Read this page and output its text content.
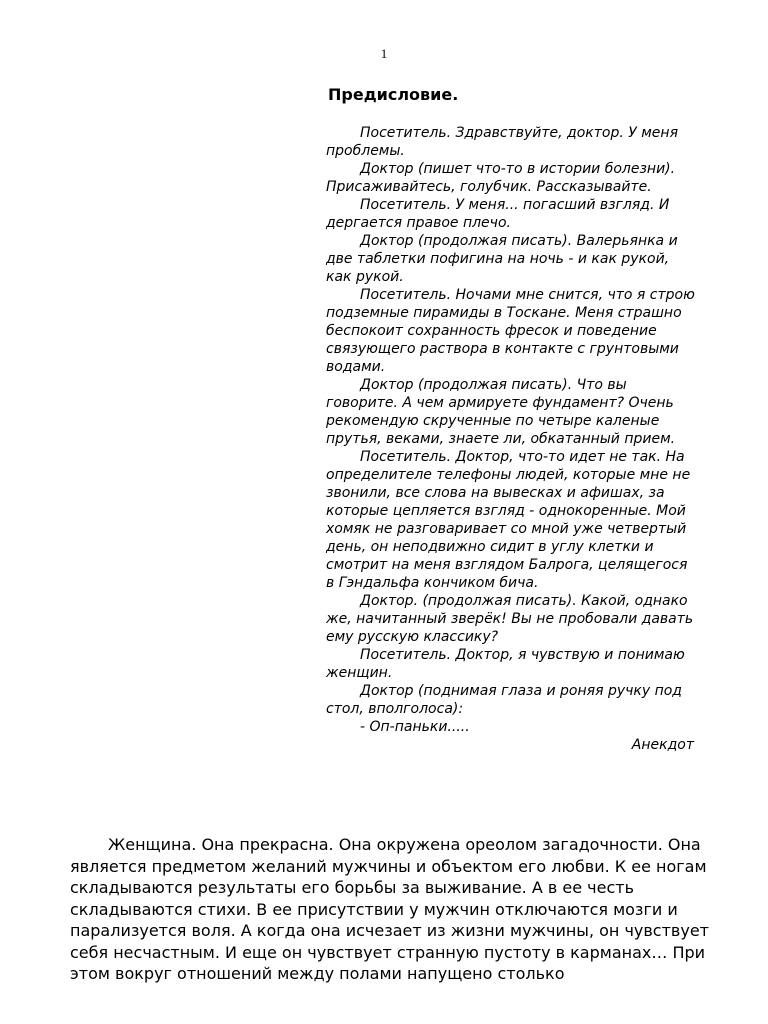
1
Предисловие.

Посетитель. Здравствуйте, доктор. У меня проблемы.

Доктор (пишет что-то в истории болезни). Присаживайтесь, голубчик. Рассказывайте.

Посетитель. У меня... погасший взгляд. И дергается правое плечо.

Доктор (продолжая писать). Валерьянка и две таблетки пофигина на ночь - и как рукой, как рукой.

Посетитель. Ночами мне снится, что я строю подземные пирамиды в Тоскане. Меня страшно беспокоит сохранность фресок и поведение связующего раствора в контакте с грунтовыми водами.

Доктор (продолжая писать). Что вы говорите. А чем армируете фундамент? Очень рекомендую скрученные по четыре каленые прутья, веками, знаете ли, обкатанный прием.

Посетитель. Доктор, что-то идет не так. На определителе телефоны людей, которые мне не звонили, все слова на вывесках и афишах, за которые цепляется взгляд - однокоренные. Мой хомяк не разговаривает со мной уже четвертый день, он неподвижно сидит в углу клетки и смотрит на меня взглядом Балрога, целящегося в Гэндальфа кончиком бича.

Доктор. (продолжая писать). Какой, однако же, начитанный зверёк! Вы не пробовали давать ему русскую классику?

Посетитель. Доктор, я чувствую и понимаю женщин.

Доктор (поднимая глаза и роняя ручку под стол, вполголоса):

- Оп-паньки.....

Анекдот

Женщина. Она прекрасна. Она окружена ореолом загадочности. Она является предметом желаний мужчины и объектом его любви. К ее ногам складываются результаты его борьбы за выживание. А в ее честь складываются стихи. В ее присутствии у мужчин отключаются мозги и парализуется воля. А когда она исчезает из жизни мужчины, он чувствует себя несчастным. И еще он чувствует странную пустоту в карманах… При этом вокруг отношений между полами напущено столько
